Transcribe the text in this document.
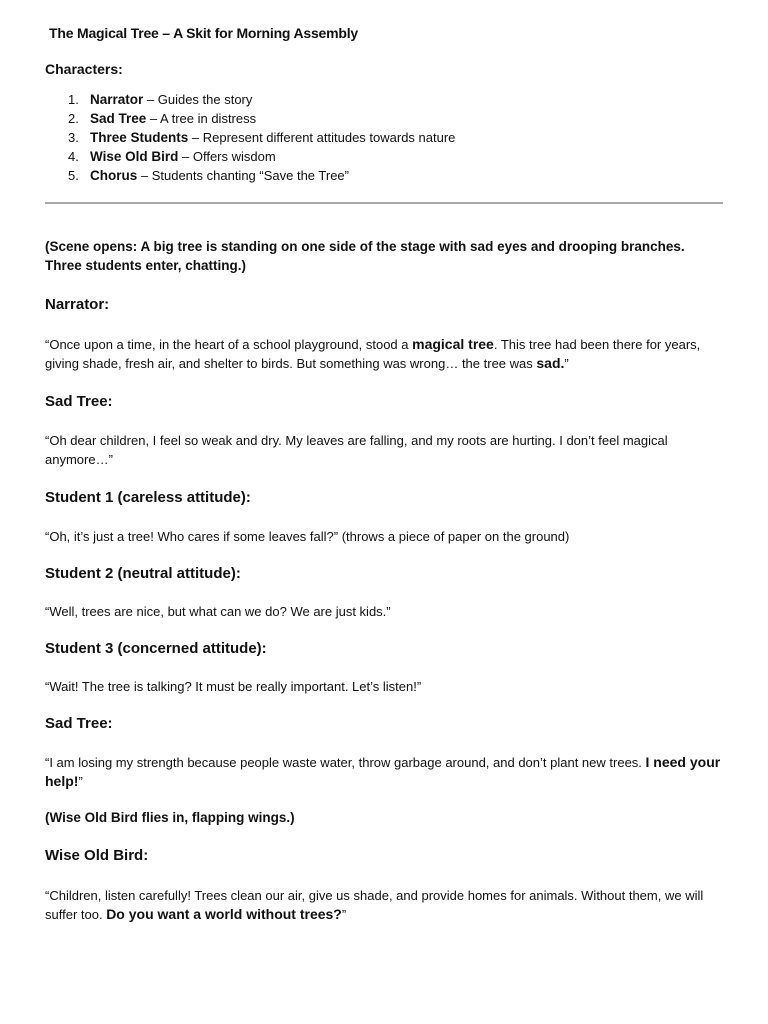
The Magical Tree – A Skit for Morning Assembly
Characters:
1. Narrator – Guides the story
2. Sad Tree – A tree in distress
3. Three Students – Represent different attitudes towards nature
4. Wise Old Bird – Offers wisdom
5. Chorus – Students chanting “Save the Tree”
(Scene opens: A big tree is standing on one side of the stage with sad eyes and drooping branches. Three students enter, chatting.)
Narrator:
“Once upon a time, in the heart of a school playground, stood a magical tree. This tree had been there for years, giving shade, fresh air, and shelter to birds. But something was wrong… the tree was sad.”
Sad Tree:
“Oh dear children, I feel so weak and dry. My leaves are falling, and my roots are hurting. I don’t feel magical anymore…”
Student 1 (careless attitude):
“Oh, it’s just a tree! Who cares if some leaves fall?” (throws a piece of paper on the ground)
Student 2 (neutral attitude):
“Well, trees are nice, but what can we do? We are just kids.”
Student 3 (concerned attitude):
“Wait! The tree is talking? It must be really important. Let’s listen!”
Sad Tree:
“I am losing my strength because people waste water, throw garbage around, and don’t plant new trees. I need your help!”
(Wise Old Bird flies in, flapping wings.)
Wise Old Bird:
“Children, listen carefully! Trees clean our air, give us shade, and provide homes for animals. Without them, we will suffer too. Do you want a world without trees?”
